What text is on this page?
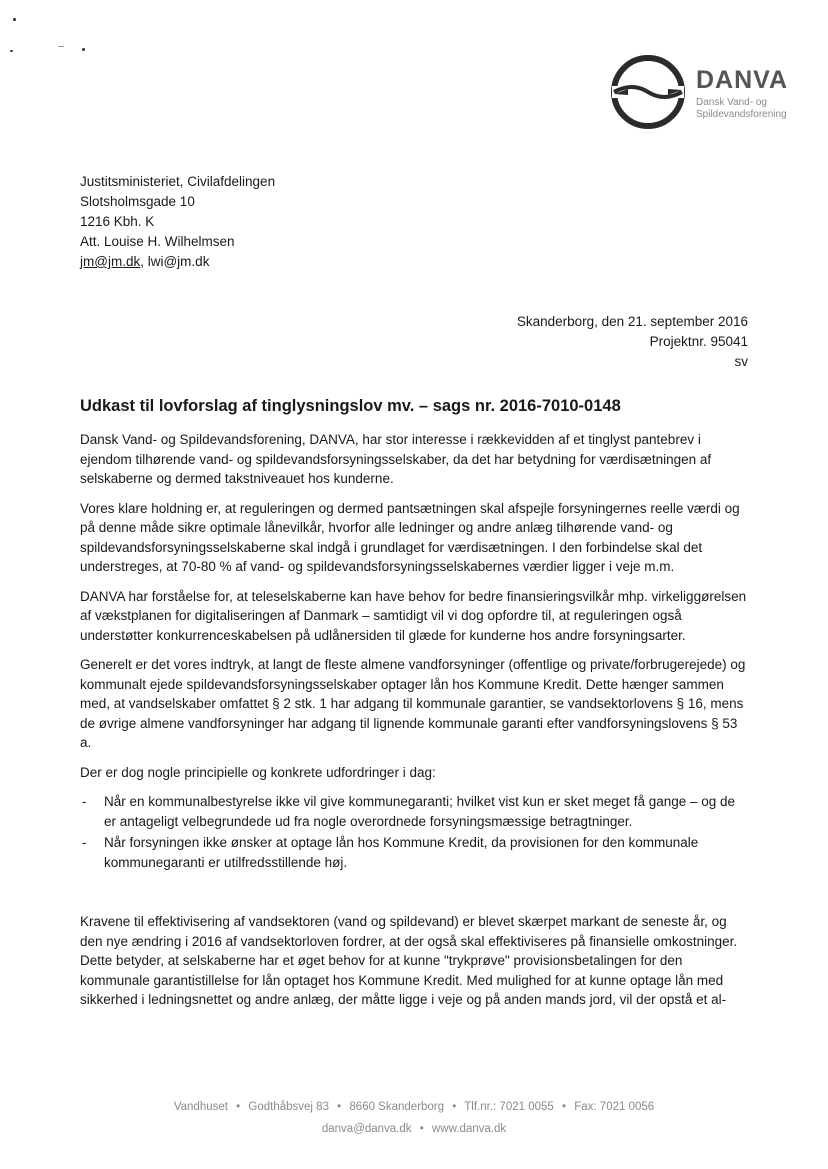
DANVA
Dansk Vand- og
Spildevandsforening
Justitsministeriet, Civilafdelingen
Slotsholmsgade 10
1216 Kbh. K
Att. Louise H. Wilhelmsen
jm@jm.dk, lwi@jm.dk
Skanderborg, den 21. september 2016
Projektnr. 95041
sv
Udkast til lovforslag af tinglysningslov mv. – sags nr. 2016-7010-0148

Dansk Vand- og Spildevandsforening, DANVA, har stor interesse i rækkevidden af et tinglyst pantebrev i ejendom tilhørende vand- og spildevandsforsyningsselskaber, da det har betydning for værdisætningen af selskaberne og dermed takstniveauet hos kunderne.

Vores klare holdning er, at reguleringen og dermed pantsætningen skal afspejle forsyningernes reelle værdi og på denne måde sikre optimale lånevilkår, hvorfor alle ledninger og andre anlæg tilhørende vand- og spildevandsforsyningsselskaberne skal indgå i grundlaget for værdisætningen. I den forbindelse skal det understreges, at 70-80 % af vand- og spildevandsforsyningsselskabernes værdier ligger i veje m.m.

DANVA har forståelse for, at teleselskaberne kan have behov for bedre finansieringsvilkår mhp. virkeliggørelsen af vækstplanen for digitaliseringen af Danmark – samtidigt vil vi dog opfordre til, at reguleringen også understøtter konkurrenceskabelsen på udlånersiden til glæde for kunderne hos andre forsyningsarter.

Generelt er det vores indtryk, at langt de fleste almene vandforsyninger (offentlige og private/forbrugerejede) og kommunalt ejede spildevandsforsyningsselskaber optager lån hos Kommune Kredit. Dette hænger sammen med, at vandselskaber omfattet § 2 stk. 1 har adgang til kommunale garantier, se vandsektorlovens § 16, mens de øvrige almene vandforsyninger har adgang til lignende kommunale garanti efter vandforsyningslovens § 53 a.

Der er dog nogle principielle og konkrete udfordringer i dag:

- Når en kommunalbestyrelse ikke vil give kommunegaranti; hvilket vist kun er sket meget få gange – og de er antageligt velbegrundede ud fra nogle overordnede forsyningsmæssige betragtninger.
- Når forsyningen ikke ønsker at optage lån hos Kommune Kredit, da provisionen for den kommunale kommunegaranti er utilfredsstillende høj.

Kravene til effektivisering af vandsektoren (vand og spildevand) er blevet skærpet markant de seneste år, og den nye ændring i 2016 af vandsektorloven fordrer, at der også skal effektiviseres på finansielle omkostninger. Dette betyder, at selskaberne har et øget behov for at kunne "trykprøve" provisionsbetalingen for den kommunale garantistillelse for lån optaget hos Kommune Kredit. Med mulighed for at kunne optage lån med sikkerhed i ledningsnettet og andre anlæg, der måtte ligge i veje og på anden mands jord, vil der opstå et al-

Vandhuset • Godthåbsvej 83 • 8660 Skanderborg • Tlf.nr.: 7021 0055 • Fax: 7021 0056
danva@danva.dk • www.danva.dk
